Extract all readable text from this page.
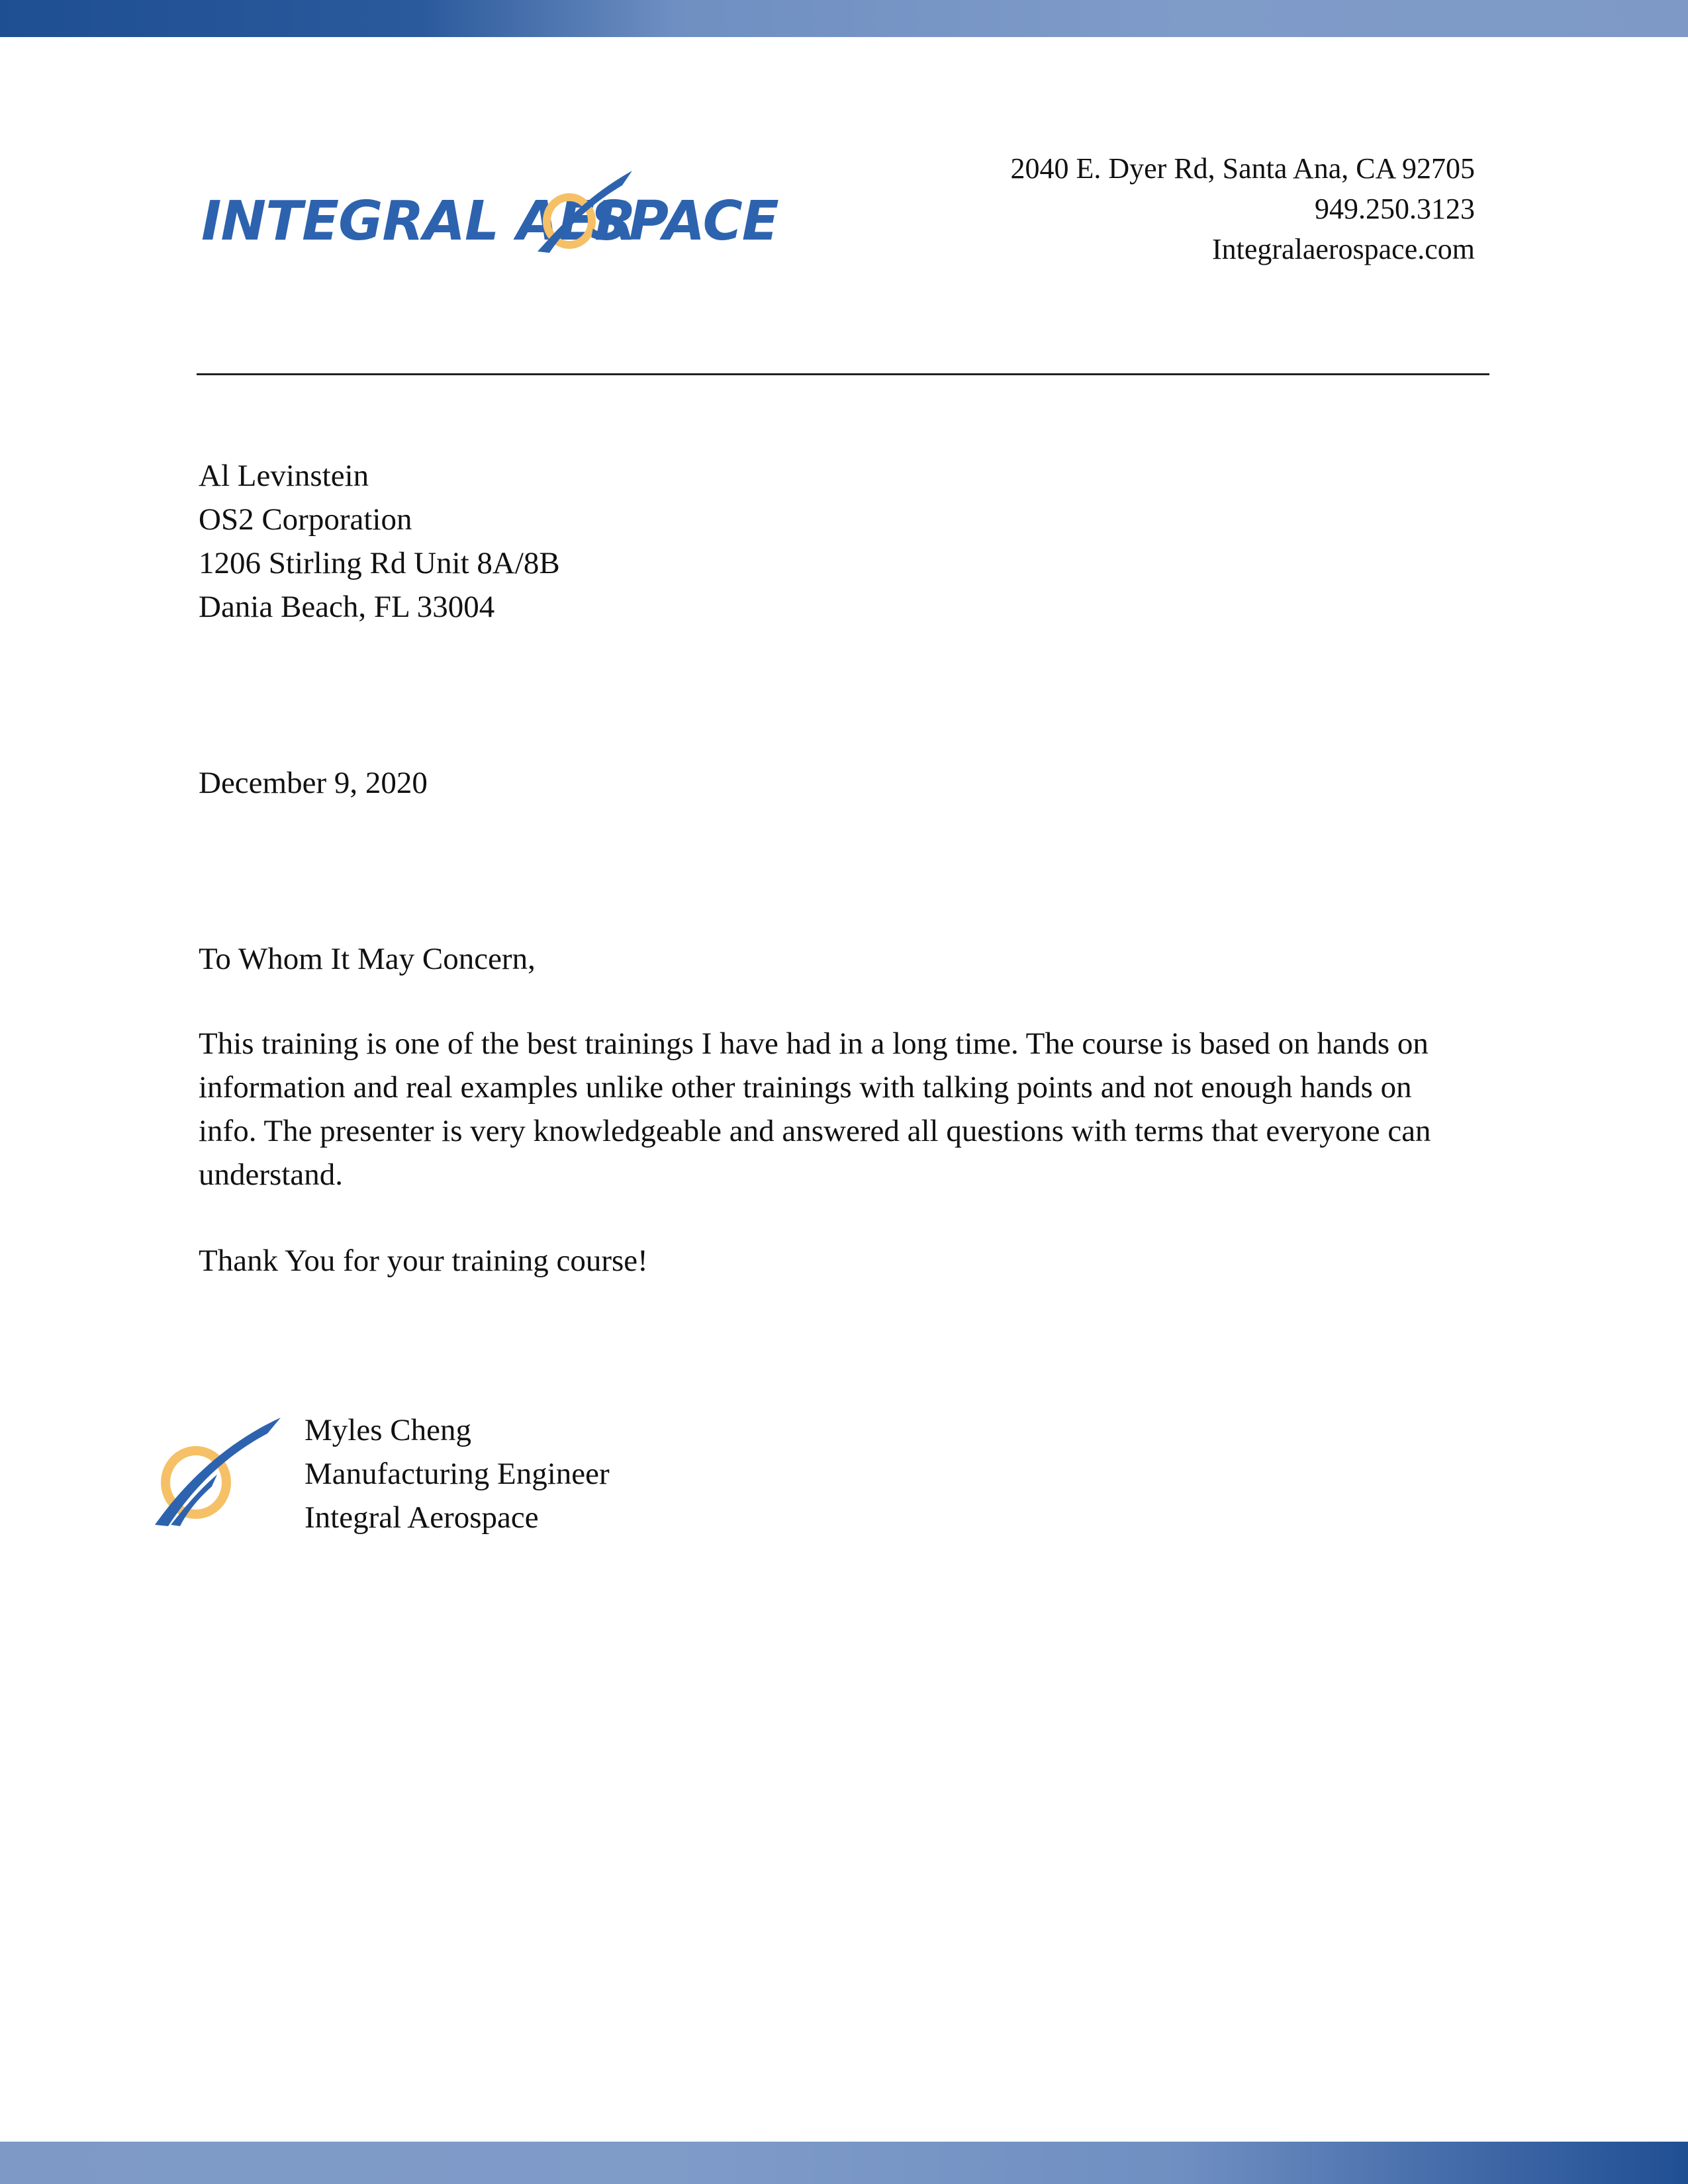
INTEGRAL AER
SPACE
2040 E. Dyer Rd, Santa Ana, CA 92705
949.250.3123
Integralaerospace.com
Al Levinstein
OS2 Corporation
1206 Stirling Rd Unit 8A/8B
Dania Beach, FL 33004
December 9, 2020
To Whom It May Concern,
This training is one of the best trainings I have had in a long time. The course is based on hands on information and real examples unlike other trainings with talking points and not enough hands on info. The presenter is very knowledgeable and answered all questions with terms that everyone can understand.
Thank You for your training course!
Myles Cheng
Manufacturing Engineer
Integral Aerospace
